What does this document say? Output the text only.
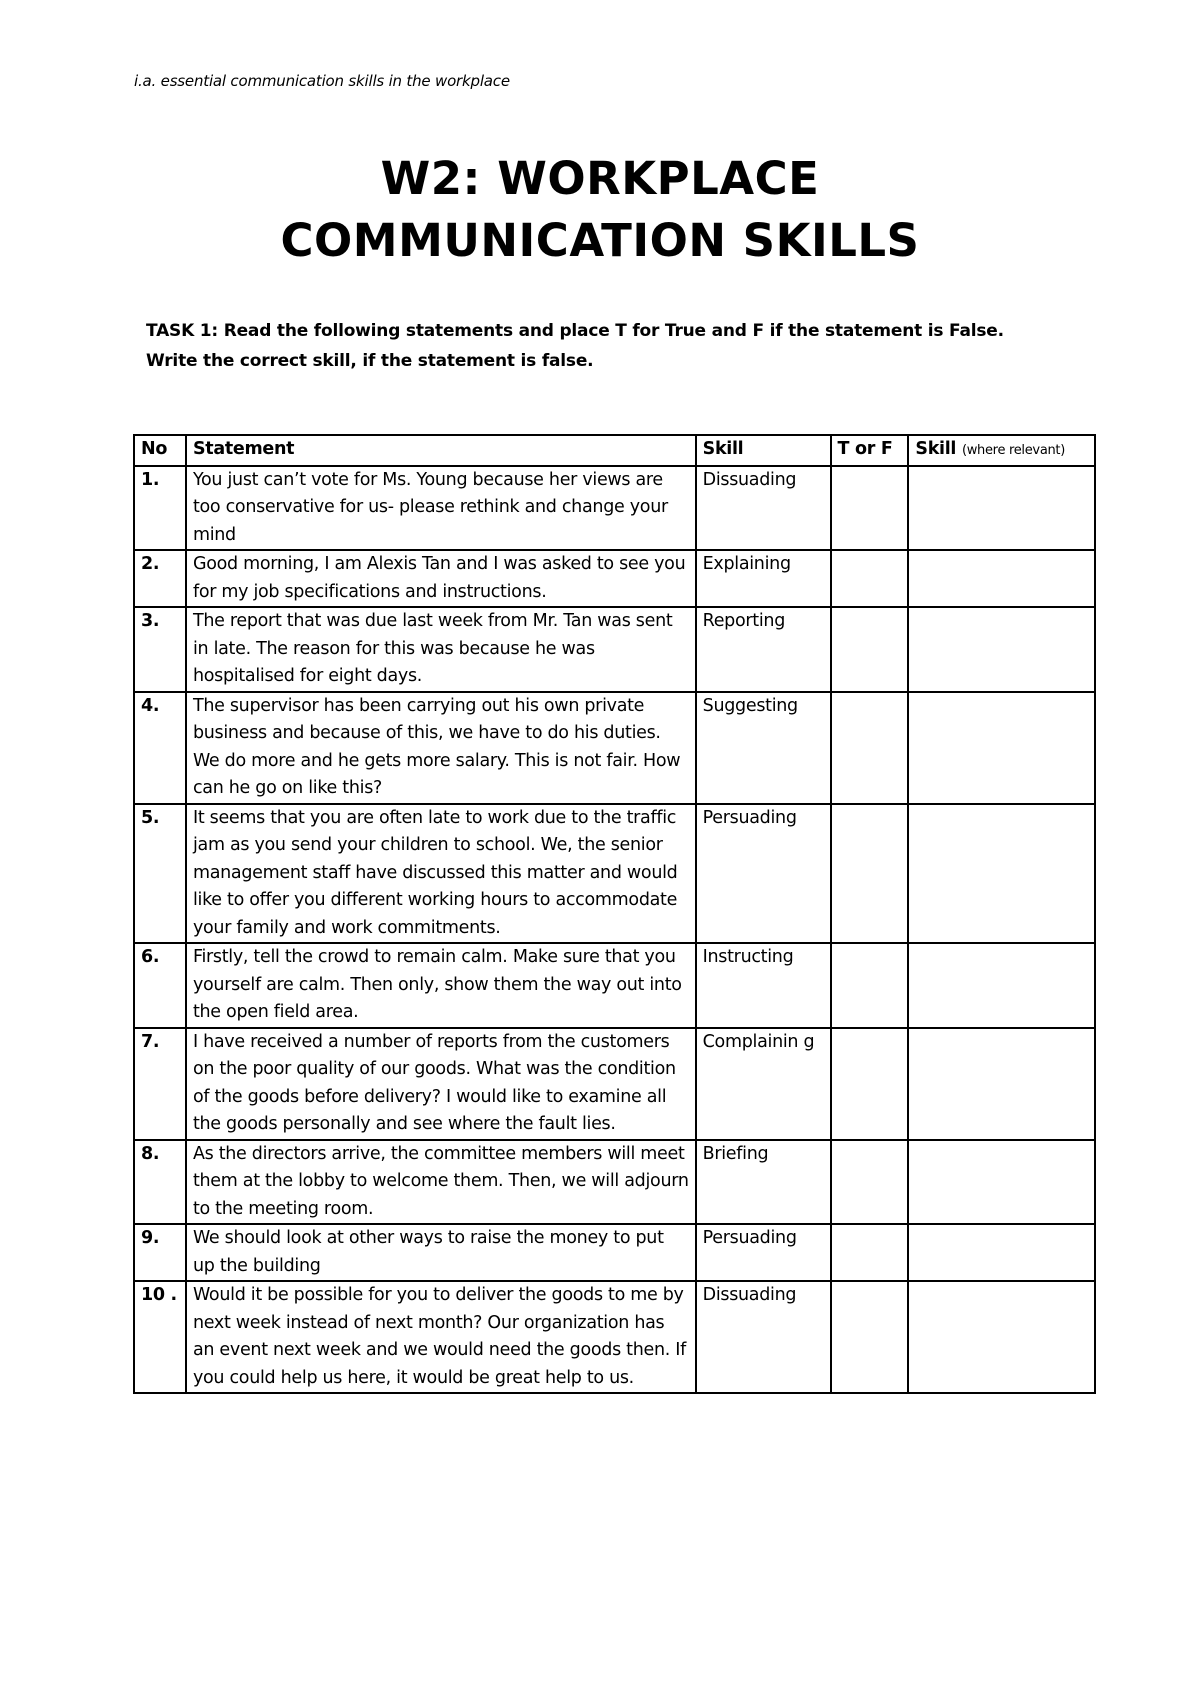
i.a. essential communication skills in the workplace
W2: WORKPLACE
COMMUNICATION SKILLS
TASK 1: Read the following statements and place T for True and F if the statement is False. Write the correct skill, if the statement is false.
No	Statement	Skill	T or F	Skill (where relevant)
1.	You just can’t vote for Ms. Young because her views are too conservative for us- please rethink and change your mind	Dissuading		
2.	Good morning, I am Alexis Tan and I was asked to see you for my job specifications and instructions.	Explaining		
3.	The report that was due last week from Mr. Tan was sent in late. The reason for this was because he was hospitalised for eight days.	Reporting		
4.	The supervisor has been carrying out his own private business and because of this, we have to do his duties. We do more and he gets more salary. This is not fair. How can he go on like this?	Suggesting		
5.	It seems that you are often late to work due to the traffic jam as you send your children to school. We, the senior management staff have discussed this matter and would like to offer you different working hours to accommodate your family and work commitments.	Persuading		
6.	Firstly, tell the crowd to remain calm. Make sure that you yourself are calm. Then only, show them the way out into the open field area.	Instructing		
7.	I have received a number of reports from the customers on the poor quality of our goods. What was the condition of the goods before delivery? I would like to examine all the goods personally and see where the fault lies.	Complainin g		
8.	As the directors arrive, the committee members will meet them at the lobby to welcome them. Then, we will adjourn to the meeting room.	Briefing		
9.	We should look at other ways to raise the money to put up the building	Persuading		
10 .	Would it be possible for you to deliver the goods to me by next week instead of next month? Our organization has an event next week and we would need the goods then. If you could help us here, it would be great help to us.	Dissuading		
